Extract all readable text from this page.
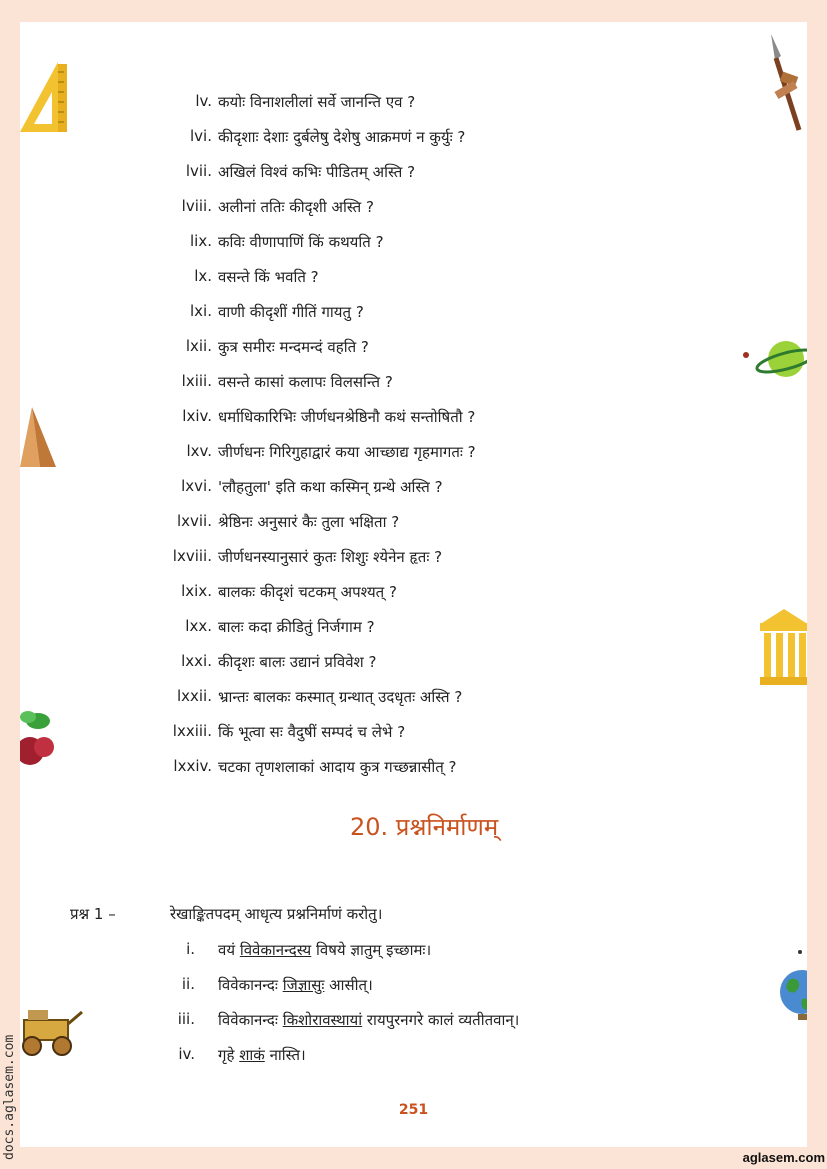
lv. कयोः विनाशलीलां सर्वे जानन्ति एव ?
lvi. कीदृशाः देशाः दुर्बलेषु देशेषु आक्रमणं न कुर्युः ?
lvii. अखिलं विश्वं कभिः पीडितम् अस्ति ?
lviii. अलीनां ततिः कीदृशी अस्ति ?
lix. कविः वीणापाणिं किं कथयति ?
lx. वसन्ते किं भवति ?
lxi. वाणी कीदृशीं गीतिं गायतु ?
lxii. कुत्र समीरः मन्दमन्दं वहति ?
lxiii. वसन्ते कासां कलापः विलसन्ति ?
lxiv. धर्माधिकारिभिः जीर्णधनश्रेष्ठिनौ कथं सन्तोषितौ ?
lxv. जीर्णधनः गिरिगुहाद्वारं कया आच्छाद्य गृहमागतः ?
lxvi. 'लौहतुला' इति कथा कस्मिन् ग्रन्थे अस्ति ?
lxvii. श्रेष्ठिनः अनुसारं कैः तुला भक्षिता ?
lxviii. जीर्णधनस्यानुसारं कुतः शिशुः श्येनेन हृतः ?
lxix. बालकः कीदृशं चटकम् अपश्यत् ?
lxx. बालः कदा क्रीडितुं निर्जगाम ?
lxxi. कीदृशः बालः उद्यानं प्रविवेश ?
lxxii. भ्रान्तः बालकः कस्मात् ग्रन्थात् उदधृतः अस्ति ?
lxxiii. किं भूत्वा सः वैदुषीं सम्पदं च लेभे ?
lxxiv. चटका तृणशलाकां आदाय कुत्र गच्छन्नासीत् ?
20. प्रश्ननिर्माणम्
प्रश्न 1 –	रेखाङ्कितपदम् आधृत्य प्रश्ननिर्माणं करोतु।
i. वयं विवेकानन्दस्य विषये ज्ञातुम् इच्छामः।
ii. विवेकानन्दः जिज्ञासुः आसीत्।
iii. विवेकानन्दः किशोरावस्थायां रायपुरनगरे कालं व्यतीतवान्।
iv. गृहे शाकं नास्ति।
251
docs.aglasem.com	aglasem.com
